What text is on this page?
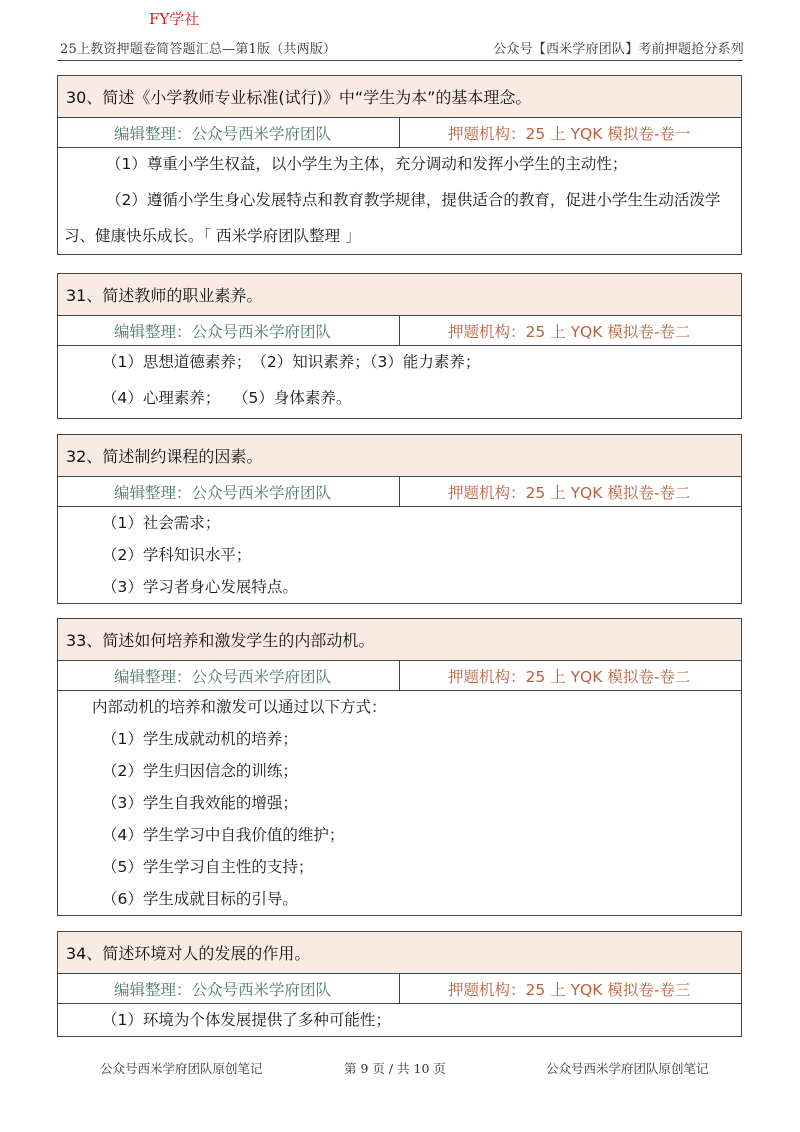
FY学社
25上教资押题卷简答题汇总—第1版（共两版）	公众号【西米学府团队】考前押题抢分系列
30、简述《小学教师专业标准(试行)》中“学生为本”的基本理念。
编辑整理：公众号西米学府团队	押题机构：25 上 YQK 模拟卷-卷一
（1）尊重小学生权益，以小学生为主体，充分调动和发挥小学生的主动性；
（2）遵循小学生身心发展特点和教育教学规律，提供适合的教育，促进小学生生动活泼学
习、健康快乐成长。「 西米学府团队整理 」
31、简述教师的职业素养。
编辑整理：公众号西米学府团队	押题机构：25 上 YQK 模拟卷-卷二
（1）思想道德素养；　（2）知识素养；（3）能力素养；
（4）心理素养；　 （5）身体素养。
32、简述制约课程的因素。
编辑整理：公众号西米学府团队	押题机构：25 上 YQK 模拟卷-卷二
（1）社会需求；
（2）学科知识水平；
（3）学习者身心发展特点。
33、简述如何培养和激发学生的内部动机。
编辑整理：公众号西米学府团队	押题机构：25 上 YQK 模拟卷-卷二
内部动机的培养和激发可以通过以下方式：
（1）学生成就动机的培养；
（2）学生归因信念的训练；
（3）学生自我效能的增强；
（4）学生学习中自我价值的维护；
（5）学生学习自主性的支持；
（6）学生成就目标的引导。
34、简述环境对人的发展的作用。
编辑整理：公众号西米学府团队	押题机构：25 上 YQK 模拟卷-卷三
（1）环境为个体发展提供了多种可能性；
公众号西米学府团队原创笔记	第 9 页 / 共 10 页	公众号西米学府团队原创笔记
